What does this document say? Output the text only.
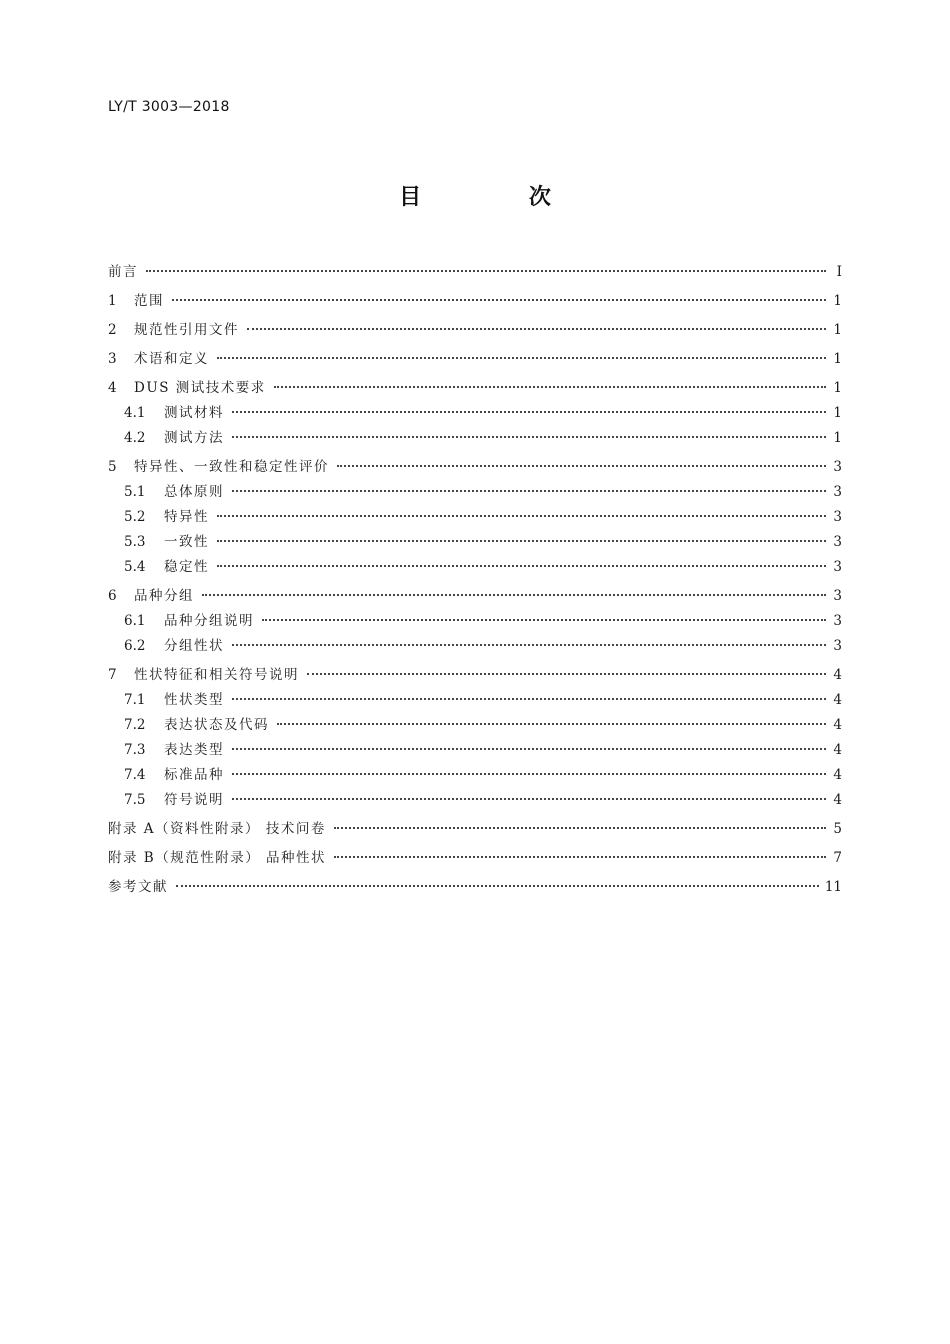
LY/T 3003—2018
目 次
前言	Ⅰ
1	范围	1
2	规范性引用文件	1
3	术语和定义	1
4	DUS 测试技术要求	1
4.1	测试材料	1
4.2	测试方法	1
5	特异性、一致性和稳定性评价	3
5.1	总体原则	3
5.2	特异性	3
5.3	一致性	3
5.4	稳定性	3
6	品种分组	3
6.1	品种分组说明	3
6.2	分组性状	3
7	性状特征和相关符号说明	4
7.1	性状类型	4
7.2	表达状态及代码	4
7.3	表达类型	4
7.4	标准品种	4
7.5	符号说明	4
附录 A（资料性附录） 技术问卷	5
附录 B（规范性附录） 品种性状	7
参考文献	11
